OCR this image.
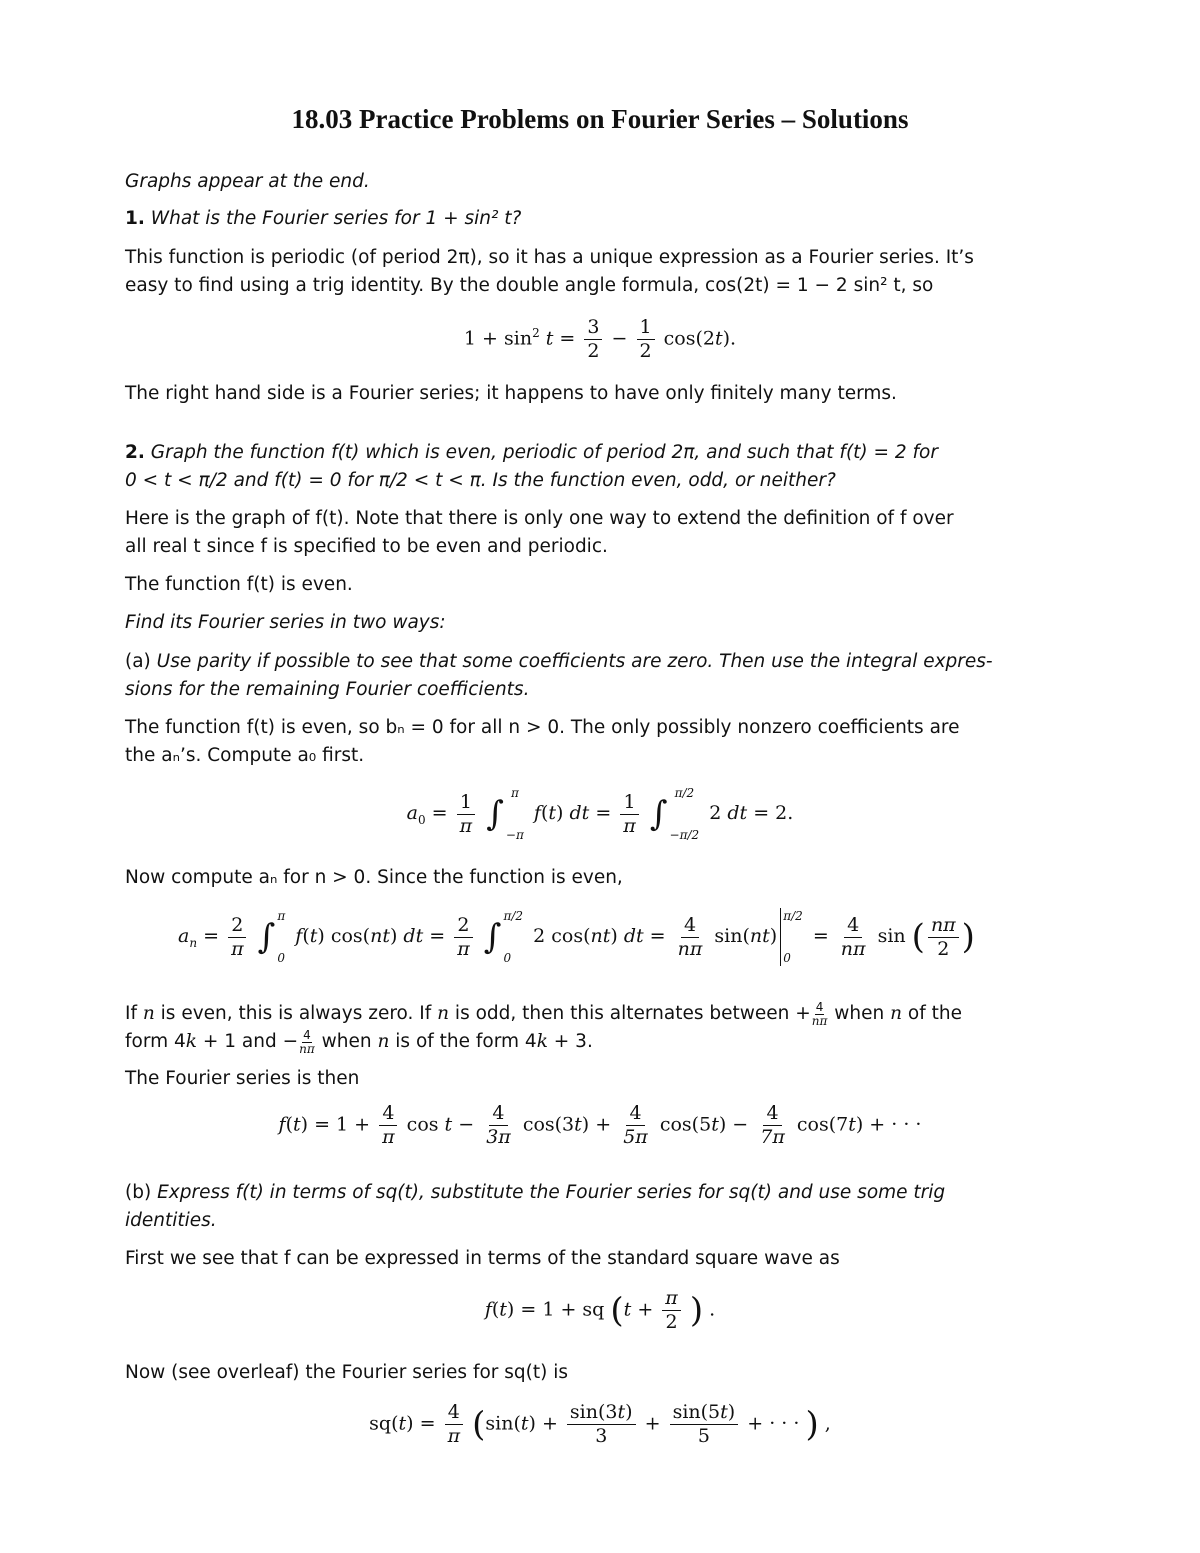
18.03 Practice Problems on Fourier Series – Solutions
Graphs appear at the end.
1. What is the Fourier series for 1 + sin² t?
This function is periodic (of period 2π), so it has a unique expression as a Fourier series. It’s
easy to find using a trig identity. By the double angle formula, cos(2t) = 1 − 2 sin² t, so
$1 + \sin^2 t = \frac{3}{2} - \frac{1}{2} \cos(2t)$.
The right hand side is a Fourier series; it happens to have only finitely many terms.
2. Graph the function f(t) which is even, periodic of period 2π, and such that f(t) = 2 for
0 < t < π/2 and f(t) = 0 for π/2 < t < π. Is the function even, odd, or neither?
Here is the graph of f(t). Note that there is only one way to extend the definition of f over
all real t since f is specified to be even and periodic.
The function f(t) is even.
Find its Fourier series in two ways:
(a) Use parity if possible to see that some coefficients are zero. Then use the integral expres-
sions for the remaining Fourier coefficients.
The function f(t) is even, so bₙ = 0 for all n > 0. The only possibly nonzero coefficients are
the aₙ’s. Compute a₀ first.
$a_0 = \frac{1}{\pi}$ ∫
π
−π
f(t) dt = $\frac{1}{\pi}$ ∫
π/2
−π/2
2 dt = 2.
Now compute aₙ for n > 0. Since the function is even,
$a_n = \frac{2}{\pi}$ ∫
π
0
f(t) cos(nt) dt = $\frac{2}{\pi}$ ∫
π/2
0
2 cos(nt) dt = $\frac{4}{n\pi} \sin(nt)$
π/2
0
= $\frac{4}{n\pi}$ sin ( $\frac{n\pi}{2}$ )
If n is even, this is always zero. If n is odd, then this alternates between + $\frac{4}{n\pi}$ when n of the
form 4k + 1 and − $\frac{4}{n\pi}$ when n is of the form 4k + 3.
The Fourier series is then
$f(t) = 1 + \frac{4}{\pi}$ $\cos t - \frac{4}{3\pi} \cos(3t) + \frac{4}{5\pi} \cos(5t) - \frac{4}{7\pi} \cos(7t)$ + · · ·
(b) Express f(t) in terms of sq(t), substitute the Fourier series for sq(t) and use some trig
identities.
First we see that f can be expressed in terms of the standard square wave as
f(t) = 1 + sq ($t + \frac{\pi}{2}$ ) .
Now (see overleaf) the Fourier series for sq(t) is
$sq(t) = \frac{4}{\pi} (\sin(t) + \frac{\sin(3t)}{3} + \frac{\sin(5t)}{5}$ + · · · ) ,
